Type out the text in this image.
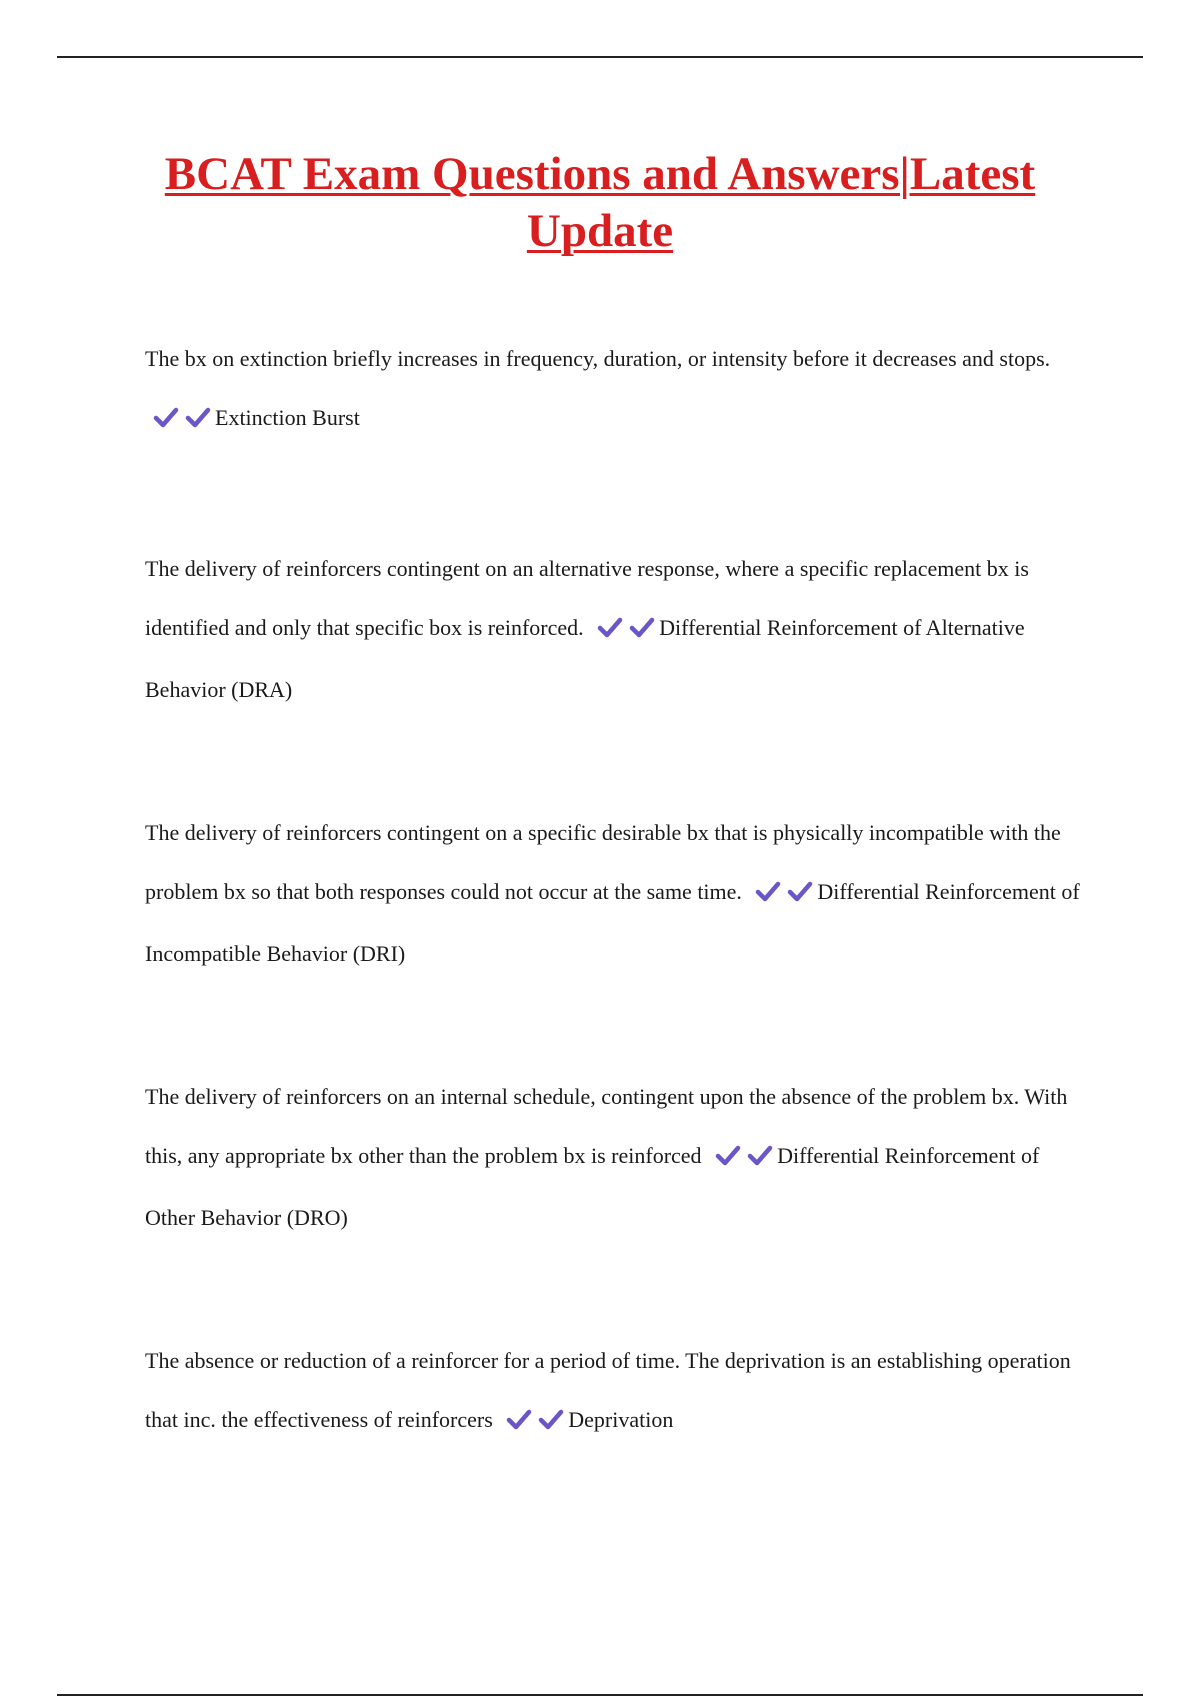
BCAT Exam Questions and Answers|Latest Update

The bx on extinction briefly increases in frequency, duration, or intensity before it decreases and stops.
Extinction Burst

The delivery of reinforcers contingent on an alternative response, where a specific replacement bx is identified and only that specific box is reinforced.	Differential Reinforcement of Alternative Behavior (DRA)

The delivery of reinforcers contingent on a specific desirable bx that is physically incompatible with the problem bx so that both responses could not occur at the same time.	Differential Reinforcement of Incompatible Behavior (DRI)

The delivery of reinforcers on an internal schedule, contingent upon the absence of the problem bx. With this, any appropriate bx other than the problem bx is reinforced	Differential Reinforcement of Other Behavior (DRO)

The absence or reduction of a reinforcer for a period of time. The deprivation is an establishing operation that inc. the effectiveness of reinforcers	Deprivation
